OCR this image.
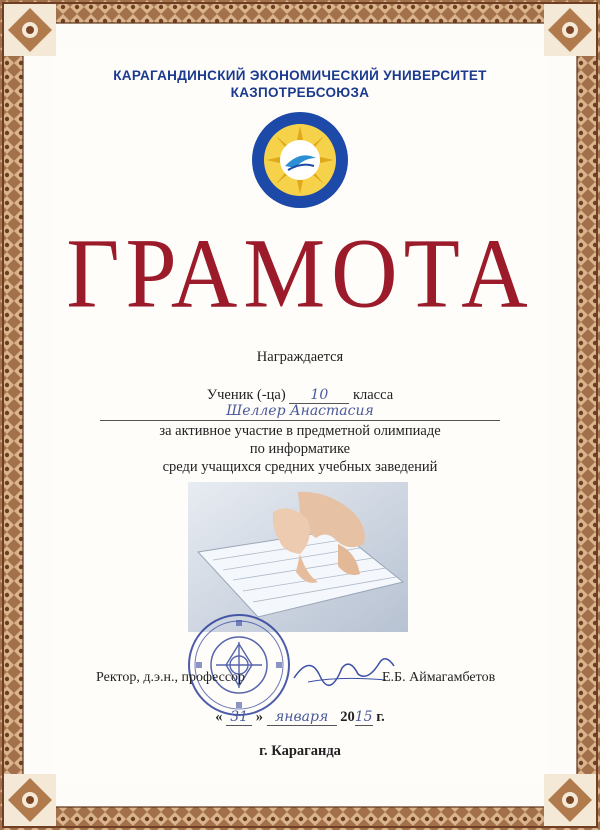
КАРАГАНДИНСКИЙ ЭКОНОМИЧЕСКИЙ УНИВЕРСИТЕТ
КАЗПОТРЕБСОЮЗА
ГРАМОТА
Награждается
Ученик (-ца) 10 класса
Шеллер Анастасия
за активное участие в предметной олимпиаде
по информатике
среди учащихся средних учебных заведений
Ректор, д.э.н., профессор	Е.Б. Аймагамбетов
« 31 » января 2015 г.
г. Караганда
